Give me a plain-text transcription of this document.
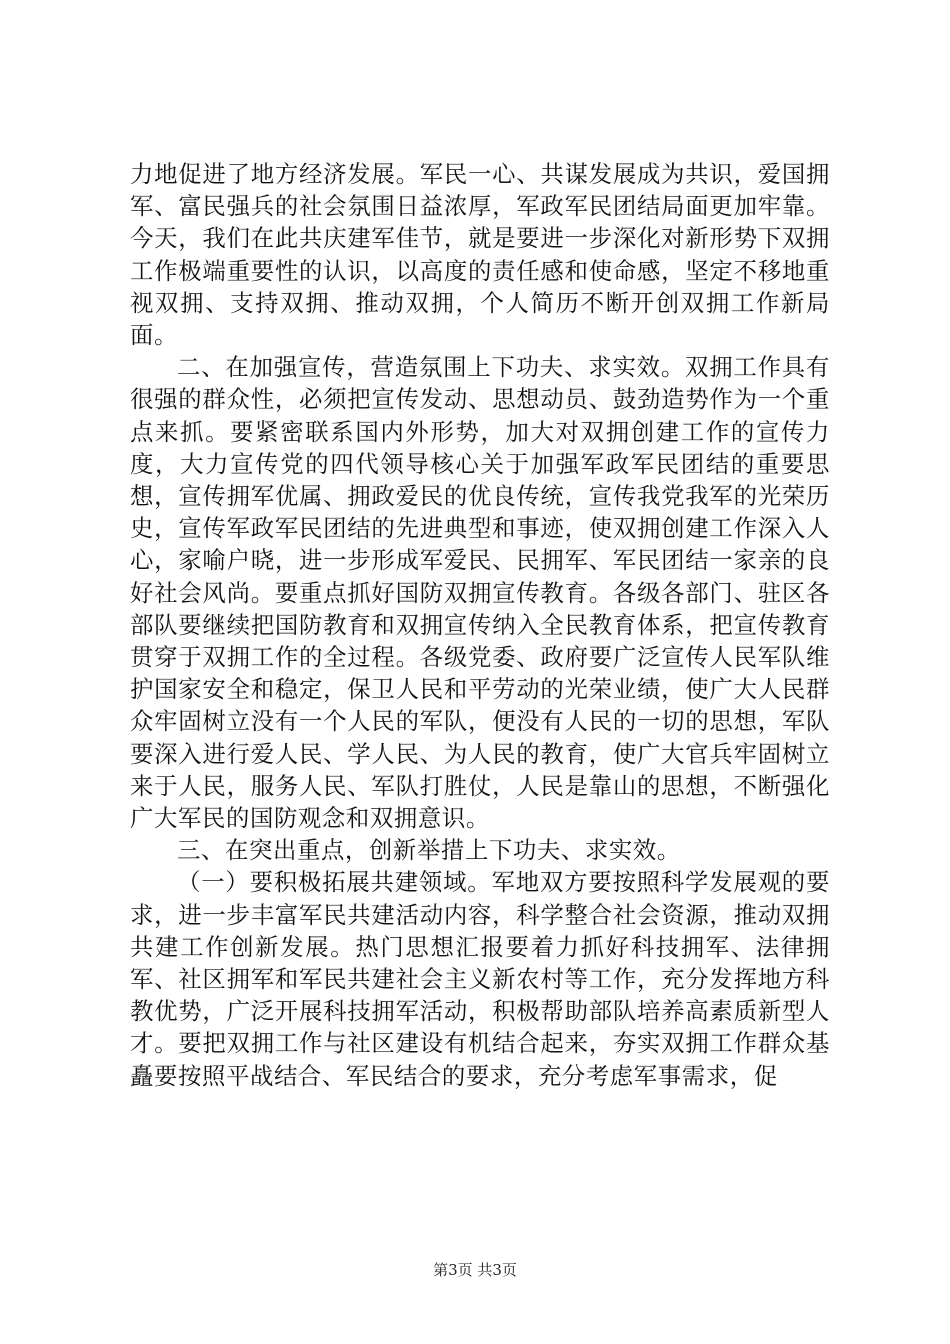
力地促进了地方经济发展。军民一心、共谋发展成为共识，爱国拥军、富民强兵的社会氛围日益浓厚，军政军民团结局面更加牢靠。今天，我们在此共庆建军佳节，就是要进一步深化对新形势下双拥工作极端重要性的认识，以高度的责任感和使命感，坚定不移地重视双拥、支持双拥、推动双拥，个人简历不断开创双拥工作新局面。

二、在加强宣传，营造氛围上下功夫、求实效。双拥工作具有很强的群众性，必须把宣传发动、思想动员、鼓劲造势作为一个重点来抓。要紧密联系国内外形势，加大对双拥创建工作的宣传力度，大力宣传党的四代领导核心关于加强军政军民团结的重要思想，宣传拥军优属、拥政爱民的优良传统，宣传我党我军的光荣历史，宣传军政军民团结的先进典型和事迹，使双拥创建工作深入人心，家喻户晓，进一步形成军爱民、民拥军、军民团结一家亲的良好社会风尚。要重点抓好国防双拥宣传教育。各级各部门、驻区各部队要继续把国防教育和双拥宣传纳入全民教育体系，把宣传教育贯穿于双拥工作的全过程。各级党委、政府要广泛宣传人民军队维护国家安全和稳定，保卫人民和平劳动的光荣业绩，使广大人民群众牢固树立没有一个人民的军队，便没有人民的一切的思想，军队要深入进行爱人民、学人民、为人民的教育，使广大官兵牢固树立来于人民，服务人民、军队打胜仗，人民是靠山的思想，不断强化广大军民的国防观念和双拥意识。

三、在突出重点，创新举措上下功夫、求实效。

（一）要积极拓展共建领域。军地双方要按照科学发展观的要求，进一步丰富军民共建活动内容，科学整合社会资源，推动双拥共建工作创新发展。热门思想汇报要着力抓好科技拥军、法律拥军、社区拥军和军民共建社会主义新农村等工作，充分发挥地方科教优势，广泛开展科技拥军活动，积极帮助部队培养高素质新型人才。要把双拥工作与社区建设有机结合起来，夯实双拥工作群众基矗要按照平战结合、军民结合的要求，充分考虑军事需求，促

第3页 共3页
